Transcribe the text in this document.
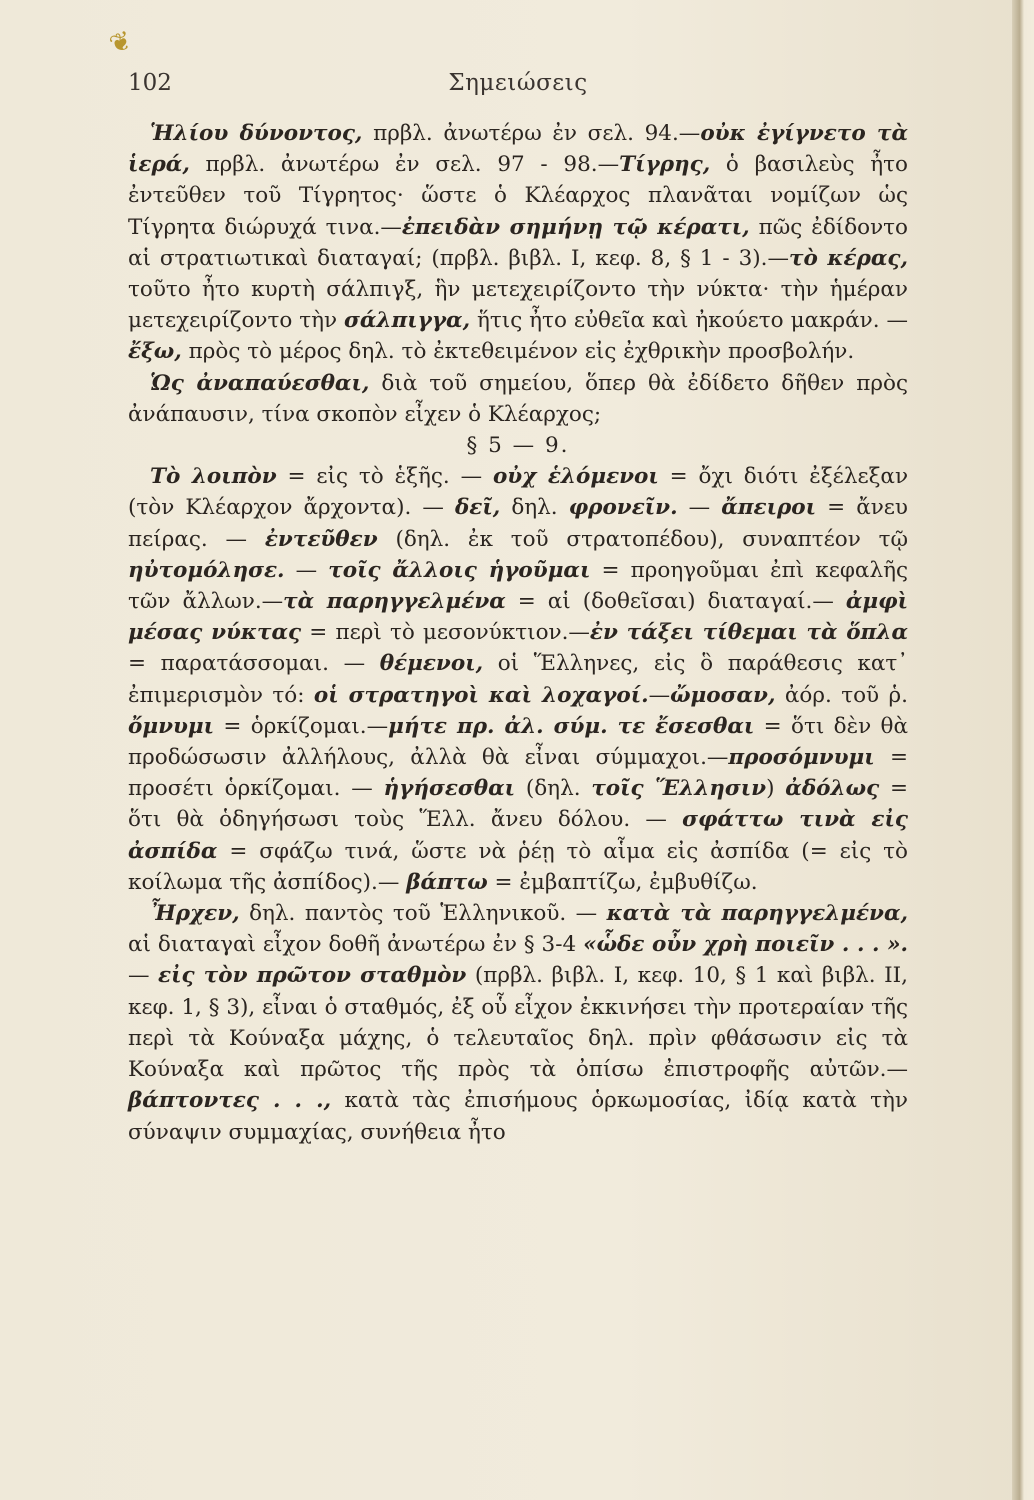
❦
102	Σημειώσεις

Ἡλίου δύνοντος, πρβλ. ἀνωτέρω ἐν σελ. 94.—οὐκ ἐγίγνετο τὰ ἱερά, πρβλ. ἀνωτέρω ἐν σελ. 97 - 98.—Τίγρης, ὁ βασιλεὺς ἦτο ἐντεῦθεν τοῦ Τίγρητος· ὥστε ὁ Κλέαρχος πλανᾶται νομίζων ὡς Τίγρητα διώρυχά τινα.—ἐπειδὰν σημήνῃ τῷ κέρατι, πῶς ἐδίδοντο αἱ στρατιωτικαὶ διαταγαί; (πρβλ. βιβλ. I, κεφ. 8, § 1 - 3).—τὸ κέρας, τοῦτο ἦτο κυρτὴ σάλπιγξ, ἣν μετεχειρίζοντο τὴν νύκτα· τὴν ἡμέραν μετεχειρίζοντο τὴν σάλπιγγα, ἥτις ἦτο εὐθεῖα καὶ ἠκούετο μακράν. — ἔξω, πρὸς τὸ μέρος δηλ. τὸ ἐκτεθειμένον εἰς ἐχθρικὴν προσβολήν.

Ὡς ἀναπαύεσθαι, διὰ τοῦ σημείου, ὅπερ θὰ ἐδίδετο δῆθεν πρὸς ἀνάπαυσιν, τίνα σκοπὸν εἶχεν ὁ Κλέαρχος;

§ 5 — 9.

Τὸ λοιπὸν = εἰς τὸ ἑξῆς. — οὐχ ἑλόμενοι = ὄχι διότι ἐξέλεξαν (τὸν Κλέαρχον ἄρχοντα). — δεῖ, δηλ. φρονεῖν. — ἄπειροι = ἄνευ πείρας. — ἐντεῦθεν (δηλ. ἐκ τοῦ στρατοπέδου), συναπτέον τῷ ηὐτομόλησε. — τοῖς ἄλλοις ἡγοῦμαι = προηγοῦμαι ἐπὶ κεφαλῆς τῶν ἄλλων.—τὰ παρηγγελμένα = αἱ (δοθεῖσαι) διαταγαί.— ἀμφὶ μέσας νύκτας = περὶ τὸ μεσονύκτιον.—ἐν τάξει τίθεμαι τὰ ὅπλα = παρατάσσομαι. — θέμενοι, οἱ Ἕλληνες, εἰς ὃ παράθεσις κατ᾽ ἐπιμερισμὸν τό: οἱ στρατηγοὶ καὶ λοχαγοί.—ὤμοσαν, ἀόρ. τοῦ ῥ. ὄμνυμι = ὁρκίζομαι.—μήτε πρ. ἀλ. σύμ. τε ἔσεσθαι = ὅτι δὲν θὰ προδώσωσιν ἀλλήλους, ἀλλὰ θὰ εἶναι σύμμαχοι.—προσόμνυμι = προσέτι ὁρκίζομαι. — ἡγήσεσθαι (δηλ. τοῖς Ἕλλησιν) ἀδόλως = ὅτι θὰ ὁδηγήσωσι τοὺς Ἕλλ. ἄνευ δόλου. — σφάττω τινὰ εἰς ἀσπίδα = σφάζω τινά, ὥστε νὰ ῥέῃ τὸ αἷμα εἰς ἀσπίδα (= εἰς τὸ κοίλωμα τῆς ἀσπίδος).— βάπτω = ἐμβαπτίζω, ἐμβυθίζω.

Ἦρχεν, δηλ. παντὸς τοῦ Ἑλληνικοῦ. — κατὰ τὰ παρηγγελμένα, αἱ διαταγαὶ εἶχον δοθῆ ἀνωτέρω ἐν § 3-4 «ὧδε οὖν χρὴ ποιεῖν . . . ». — εἰς τὸν πρῶτον σταθμὸν (πρβλ. βιβλ. I, κεφ. 10, § 1 καὶ βιβλ. II, κεφ. 1, § 3), εἶναι ὁ σταθμός, ἐξ οὗ εἶχον ἐκκινήσει τὴν προτεραίαν τῆς περὶ τὰ Κούναξα μάχης, ὁ τελευταῖος δηλ. πρὶν φθάσωσιν εἰς τὰ Κούναξα καὶ πρῶτος τῆς πρὸς τὰ ὀπίσω ἐπιστροφῆς αὐτῶν.— βάπτοντες . . ., κατὰ τὰς ἐπισήμους ὁρκωμοσίας, ἰδίᾳ κατὰ τὴν σύναψιν συμμαχίας, συνήθεια ἦτο
